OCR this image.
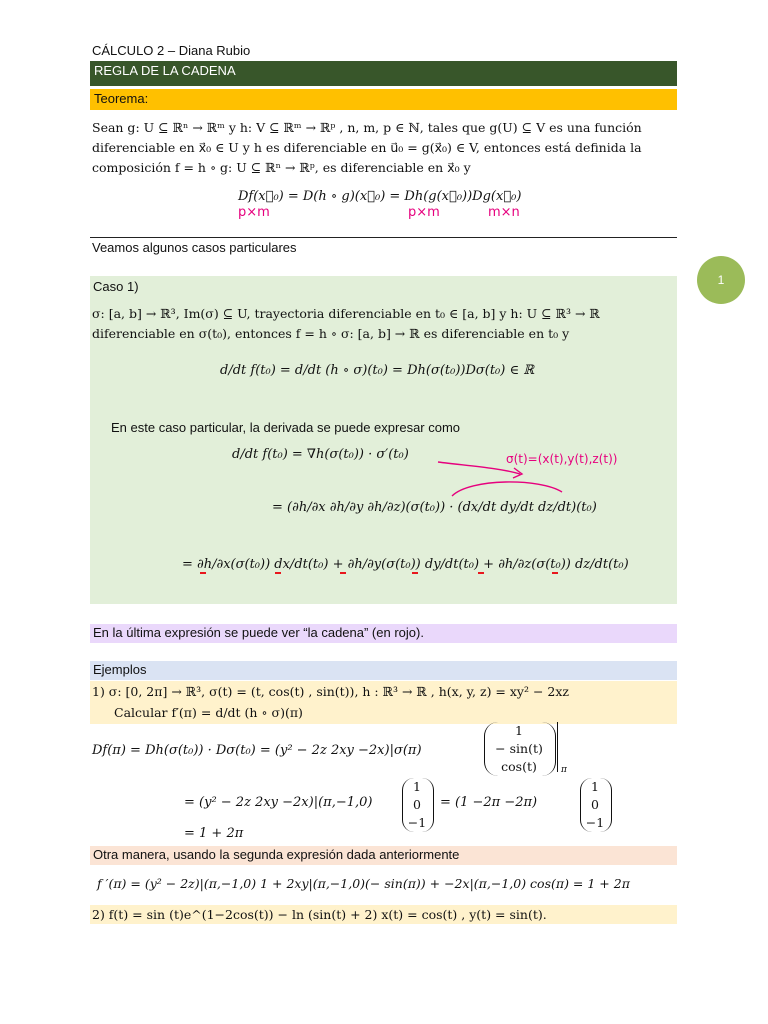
CÁLCULO 2 – Diana Rubio
REGLA DE LA CADENA
Teorema:
Sean g: U ⊆ ℝⁿ → ℝᵐ y h: V ⊆ ℝᵐ → ℝᵖ , n, m, p ∈ ℕ, tales que g(U) ⊆ V es una función
diferenciable en x⃗₀ ∈ U y h es diferenciable en u⃗₀ = g(x⃗₀) ∈ V, entonces está definida la
composición f = h ∘ g: U ⊆ ℝⁿ → ℝᵖ, es diferenciable en x⃗₀ y
Df(x⃗₀) = D(h ∘ g)(x⃗₀) = Dh(g(x⃗₀))Dg(x⃗₀)
p×m	p×m	m×n
Veamos algunos casos particulares
1
Caso 1)
σ: [a, b] → ℝ³, Im(σ) ⊆ U, trayectoria diferenciable en t₀ ∈ [a, b] y h: U ⊆ ℝ³ → ℝ
diferenciable en σ(t₀), entonces f = h ∘ σ: [a, b] → ℝ es diferenciable en t₀ y
d/dt f(t₀) = d/dt (h ∘ σ)(t₀) = Dh(σ(t₀))Dσ(t₀) ∈ ℝ
En este caso particular, la derivada se puede expresar como
d/dt f(t₀) = ∇h(σ(t₀)) · σ′(t₀)	σ(t)=(x(t),y(t),z(t))
= (∂h/∂x ∂h/∂y ∂h/∂z)(σ(t₀)) · (dx/dt dy/dt dz/dt)(t₀)
= ∂h/∂x(σ(t₀)) dx/dt(t₀) + ∂h/∂y(σ(t₀)) dy/dt(t₀) + ∂h/∂z(σ(t₀)) dz/dt(t₀)
En la última expresión se puede ver “la cadena” (en rojo).
Ejemplos
1) σ: [0, 2π] → ℝ³, σ(t) = (t, cos(t) , sin(t)), h : ℝ³ → ℝ , h(x, y, z) = xy² − 2xz
Calcular f′(π) = d/dt (h ∘ σ)(π)
Df(π) = Dh(σ(t₀)) · Dσ(t₀) = (y² − 2z 2xy −2x)|σ(π)
1
− sin(t)
cos(t)	π
= (y² − 2z 2xy −2x)|(π,−1,0)
1
0
−1
= (1 −2π −2π)
1
0
−1
= 1 + 2π
Otra manera, usando la segunda expresión dada anteriormente
f ′(π) = (y² − 2z)|(π,−1,0) 1 + 2xy|(π,−1,0)(− sin(π)) + −2x|(π,−1,0) cos(π) = 1 + 2π
2) f(t) = sin (t)e^(1−2cos(t)) − ln (sin(t) + 2) x(t) = cos(t) , y(t) = sin(t).
